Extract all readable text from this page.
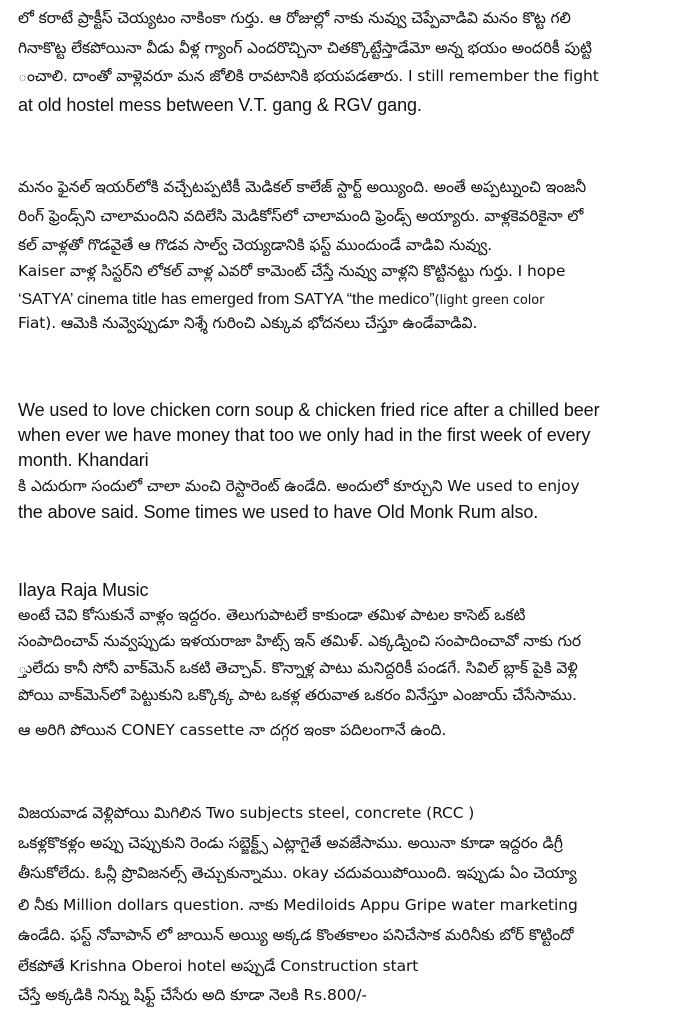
లో కరాటే ప్రాక్టీస్ చెయ్యటం నాకింకా గుర్తు. ఆ రోజుల్లో నాకు నువ్వు చెప్పేవాడివి మనం కొట్ట గలి
గినాకొట్ట లేకపోయినా వీడు వీళ్ల గ్యాంగ్ ఎందరొచ్చినా చితక్కొట్టేస్తాడేమో అన్న భయం అందరికీ పుట్టి
ంచాలి. దాంతో వాళ్లెవరూ మన జోలికి రావటానికి భయపడతారు. I still remember the fight
at old hostel mess between V.T. gang & RGV gang.
మనం ఫైనల్ ఇయర్‌లోకి వచ్చేటప్పటికీ మెడికల్ కాలేజ్ స్టార్ట్ అయ్యింది. అంతే అప్పట్నుంచి ఇంజనీ
రింగ్ ఫ్రెండ్స్‌ని చాలామందిని వదిలేసి మెడికోస్‌లో చాలామంది ఫ్రెండ్స్ అయ్యారు. వాళ్లకెవరికైనా లో
కల్ వాళ్లతో గొడవైతే ఆ గొడవ సాల్వ్ చెయ్యడానికి ఫస్ట్ ముందుండే వాడివి నువ్వు.
Kaiser వాళ్ల సిస్టర్‌ని లోకల్ వాళ్ల ఎవరో కామెంట్ చేస్తే నువ్వు వాళ్లని కొట్టినట్టు గుర్తు. I hope
‘SATYA’ cinema title has emerged from SATYA “the medico”(light green color
Fiat). ఆమెకి నువ్వెప్పుడూ నిశ్శే గురించి ఎక్కువ భోదనలు చేస్తూ ఉండేవాడివి.
We used to love chicken corn soup & chicken fried rice after a chilled beer
when ever we have money that too we only had in the first week of every
month. Khandari
కి ఎదురుగా సందులో చాలా మంచి రెస్టారెంట్ ఉండేది. అందులో కూర్చుని We used to enjoy
the above said. Some times we used to have Old Monk Rum also.
Ilaya Raja Music
అంటే చెవి కోసుకునే వాళ్లం ఇద్దరం. తెలుగుపాటలే కాకుండా తమిళ పాటల కాసెట్ ఒకటి
సంపాదించావ్ నువ్వప్పుడు ఇళయరాజా హిట్స్ ఇన్ తమిళ్. ఎక్కడ్నించి సంపాదించావో నాకు గుర
్తులేదు కానీ సోనీ వాక్‌మెన్ ఒకటి తెచ్చావ్. కొన్నాళ్ల పాటు మనిద్దరికీ పండగే. సివిల్ బ్లాక్ పైకి వెళ్లి
పోయి వాక్‌మెన్‌లో పెట్టుకుని ఒక్కొక్క పాట ఒకళ్ల తరువాత ఒకరం వినేస్తూ ఎంజాయ్ చేసేసాము.
ఆ అరిగి పోయిన CONEY cassette నా దగ్గర ఇంకా పదిలంగానే ఉంది.
విజయవాడ వెళ్లిపోయి మిగిలిన Two subjects steel, concrete (RCC )
ఒకళ్లకొకళ్లం అప్పు చెప్పుకుని రెండు సబ్జెక్ట్స్ ఎట్లాగైతే అవజేసాము. అయినా కూడా ఇద్దరం డిగ్రీ
తీసుకోలేదు. ఓన్లీ ప్రొవిజనల్స్ తెచ్చుకున్నాము. okay చదువయిపోయింది. ఇప్పుడు ఏం చెయ్యా
లి నీకు Million dollars question. నాకు Mediloids Appu Gripe water marketing
ఉండేది. ఫస్ట్ నోవాపాన్ లో జాయిన్ అయ్యి అక్కడ కొంతకాలం పనిచేసాక మరినీకు బోర్ కొట్టిందో
లేకపోతే Krishna Oberoi hotel అప్పుడే Construction start
చేస్తే అక్కడికి నిన్ను షిఫ్ట్ చేసేరు అది కూడా నెలకి Rs.800/-
